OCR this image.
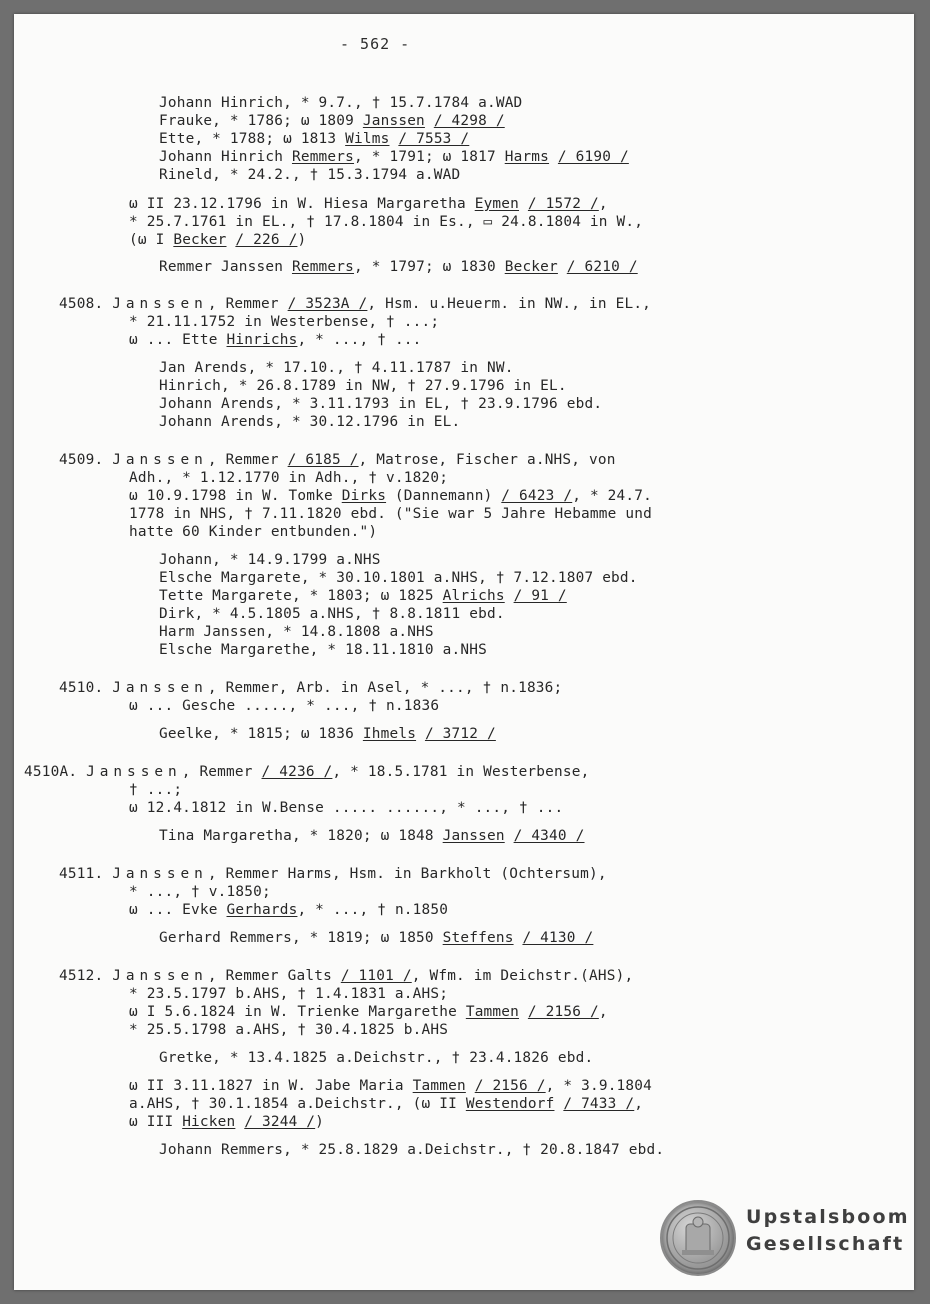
- 562 -
Johann Hinrich, * 9.7., † 15.7.1784 a.WAD
Frauke, * 1786; ω 1809 Janssen / 4298 /
Ette, * 1788; ω 1813 Wilms / 7553 /
Johann Hinrich Remmers, * 1791; ω 1817 Harms / 6190 /
Rineld, * 24.2., † 15.3.1794 a.WAD
ω II 23.12.1796 in W. Hiesa Margaretha Eymen / 1572 /,
* 25.7.1761 in EL., † 17.8.1804 in Es., ▭ 24.8.1804 in W.,
(ω I Becker / 226 /)
Remmer Janssen Remmers, * 1797; ω 1830 Becker / 6210 /
4508. Janssen, Remmer / 3523A /, Hsm. u.Heuerm. in NW., in EL.,
* 21.11.1752 in Westerbense, † ...;
ω ... Ette Hinrichs, * ..., † ...
Jan Arends, * 17.10., † 4.11.1787 in NW.
Hinrich, * 26.8.1789 in NW, † 27.9.1796 in EL.
Johann Arends, * 3.11.1793 in EL, † 23.9.1796 ebd.
Johann Arends, * 30.12.1796 in EL.
4509. Janssen, Remmer / 6185 /, Matrose, Fischer a.NHS, von
Adh., * 1.12.1770 in Adh., † v.1820;
ω 10.9.1798 in W. Tomke Dirks (Dannemann) / 6423 /, * 24.7.
1778 in NHS, † 7.11.1820 ebd. ("Sie war 5 Jahre Hebamme und
hatte 60 Kinder entbunden.")
Johann, * 14.9.1799 a.NHS
Elsche Margarete, * 30.10.1801 a.NHS, † 7.12.1807 ebd.
Tette Margarete, * 1803; ω 1825 Alrichs / 91 /
Dirk, * 4.5.1805 a.NHS, † 8.8.1811 ebd.
Harm Janssen, * 14.8.1808 a.NHS
Elsche Margarethe, * 18.11.1810 a.NHS
4510. Janssen, Remmer, Arb. in Asel, * ..., † n.1836;
ω ... Gesche ....., * ..., † n.1836
Geelke, * 1815; ω 1836 Ihmels / 3712 /
4510A. Janssen, Remmer / 4236 /, * 18.5.1781 in Westerbense,
† ...;
ω 12.4.1812 in W.Bense ..... ......, * ..., † ...
Tina Margaretha, * 1820; ω 1848 Janssen / 4340 /
4511. Janssen, Remmer Harms, Hsm. in Barkholt (Ochtersum),
* ..., † v.1850;
ω ... Evke Gerhards, * ..., † n.1850
Gerhard Remmers, * 1819; ω 1850 Steffens / 4130 /
4512. Janssen, Remmer Galts / 1101 /, Wfm. im Deichstr.(AHS),
* 23.5.1797 b.AHS, † 1.4.1831 a.AHS;
ω I 5.6.1824 in W. Trienke Margarethe Tammen / 2156 /,
* 25.5.1798 a.AHS, † 30.4.1825 b.AHS
Gretke, * 13.4.1825 a.Deichstr., † 23.4.1826 ebd.
ω II 3.11.1827 in W. Jabe Maria Tammen / 2156 /, * 3.9.1804
a.AHS, † 30.1.1854 a.Deichstr., (ω II Westendorf / 7433 /,
ω III Hicken / 3244 /)
Johann Remmers, * 25.8.1829 a.Deichstr., † 20.8.1847 ebd.
Upstalsboom
Gesellschaft
